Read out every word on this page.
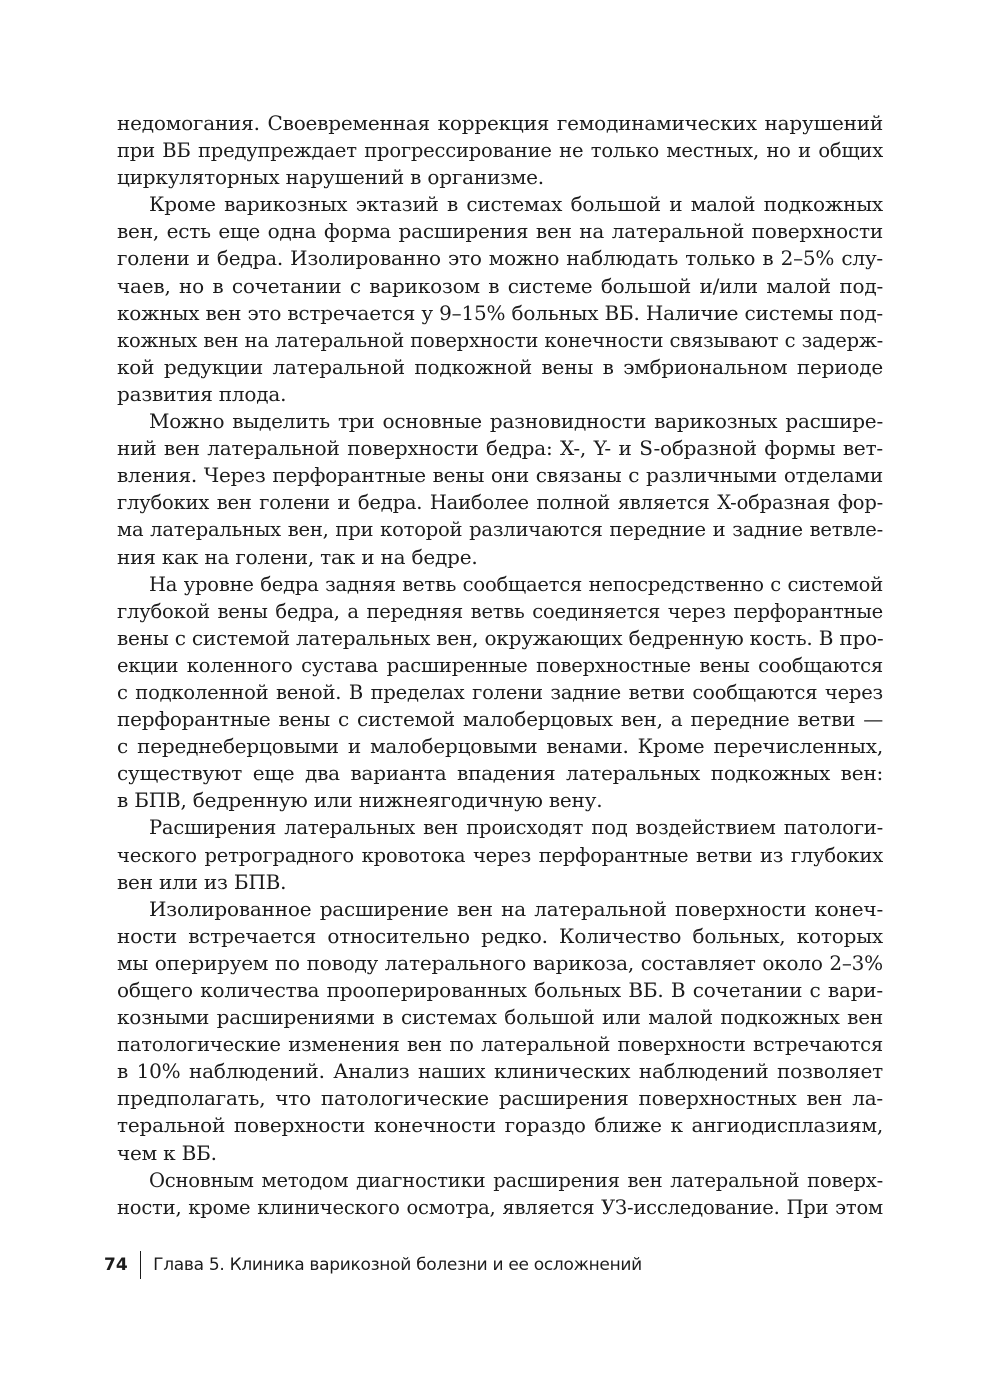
недомогания. Своевременная коррекция гемодинамических нарушений
при ВБ предупреждает прогрессирование не только местных, но и общих
циркуляторных нарушений в организме.
Кроме варикозных эктазий в системах большой и малой подкожных
вен, есть еще одна форма расширения вен на латеральной поверхности
голени и бедра. Изолированно это можно наблюдать только в 2–5% слу-
чаев, но в сочетании с варикозом в системе большой и/или малой под-
кожных вен это встречается у 9–15% больных ВБ. Наличие системы под-
кожных вен на латеральной поверхности конечности связывают с задерж-
кой редукции латеральной подкожной вены в эмбриональном периоде
развития плода.
Можно выделить три основные разновидности варикозных расшире-
ний вен латеральной поверхности бедра: X-, Y- и S-образной формы вет-
вления. Через перфорантные вены они связаны с различными отделами
глубоких вен голени и бедра. Наиболее полной является X-образная фор-
ма латеральных вен, при которой различаются передние и задние ветвле-
ния как на голени, так и на бедре.
На уровне бедра задняя ветвь сообщается непосредственно с системой
глубокой вены бедра, а передняя ветвь соединяется через перфорантные
вены с системой латеральных вен, окружающих бедренную кость. В про-
екции коленного сустава расширенные поверхностные вены сообщаются
с подколенной веной. В пределах голени задние ветви сообщаются через
перфорантные вены с системой малоберцовых вен, а передние ветви —
с переднеберцовыми и малоберцовыми венами. Кроме перечисленных,
существуют еще два варианта впадения латеральных подкожных вен:
в БПВ, бедренную или нижнеягодичную вену.
Расширения латеральных вен происходят под воздействием патологи-
ческого ретроградного кровотока через перфорантные ветви из глубоких
вен или из БПВ.
Изолированное расширение вен на латеральной поверхности конеч-
ности встречается относительно редко. Количество больных, которых
мы оперируем по поводу латерального варикоза, составляет около 2–3%
общего количества прооперированных больных ВБ. В сочетании с вари-
козными расширениями в системах большой или малой подкожных вен
патологические изменения вен по латеральной поверхности встречаются
в 10% наблюдений. Анализ наших клинических наблюдений позволяет
предполагать, что патологические расширения поверхностных вен ла-
теральной поверхности конечности гораздо ближе к ангиодисплазиям,
чем к ВБ.
Основным методом диагностики расширения вен латеральной поверх-
ности, кроме клинического осмотра, является УЗ-исследование. При этом
74	Глава 5. Клиника варикозной болезни и ее осложнений
